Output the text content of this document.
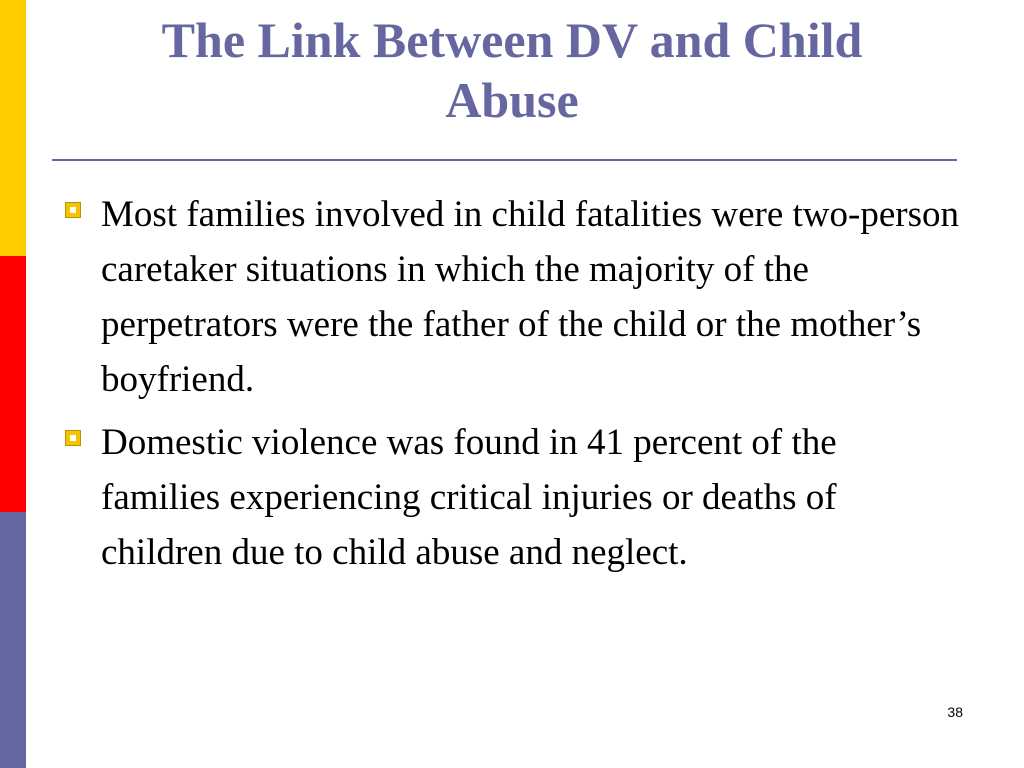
The Link Between DV and Child
Abuse
Most families involved in child fatalities were two-person caretaker situations in which the majority of the perpetrators were the father of the child or the mother’s boyfriend.
Domestic violence was found in 41 percent of the families experiencing critical injuries or deaths of children due to child abuse and neglect.
38
